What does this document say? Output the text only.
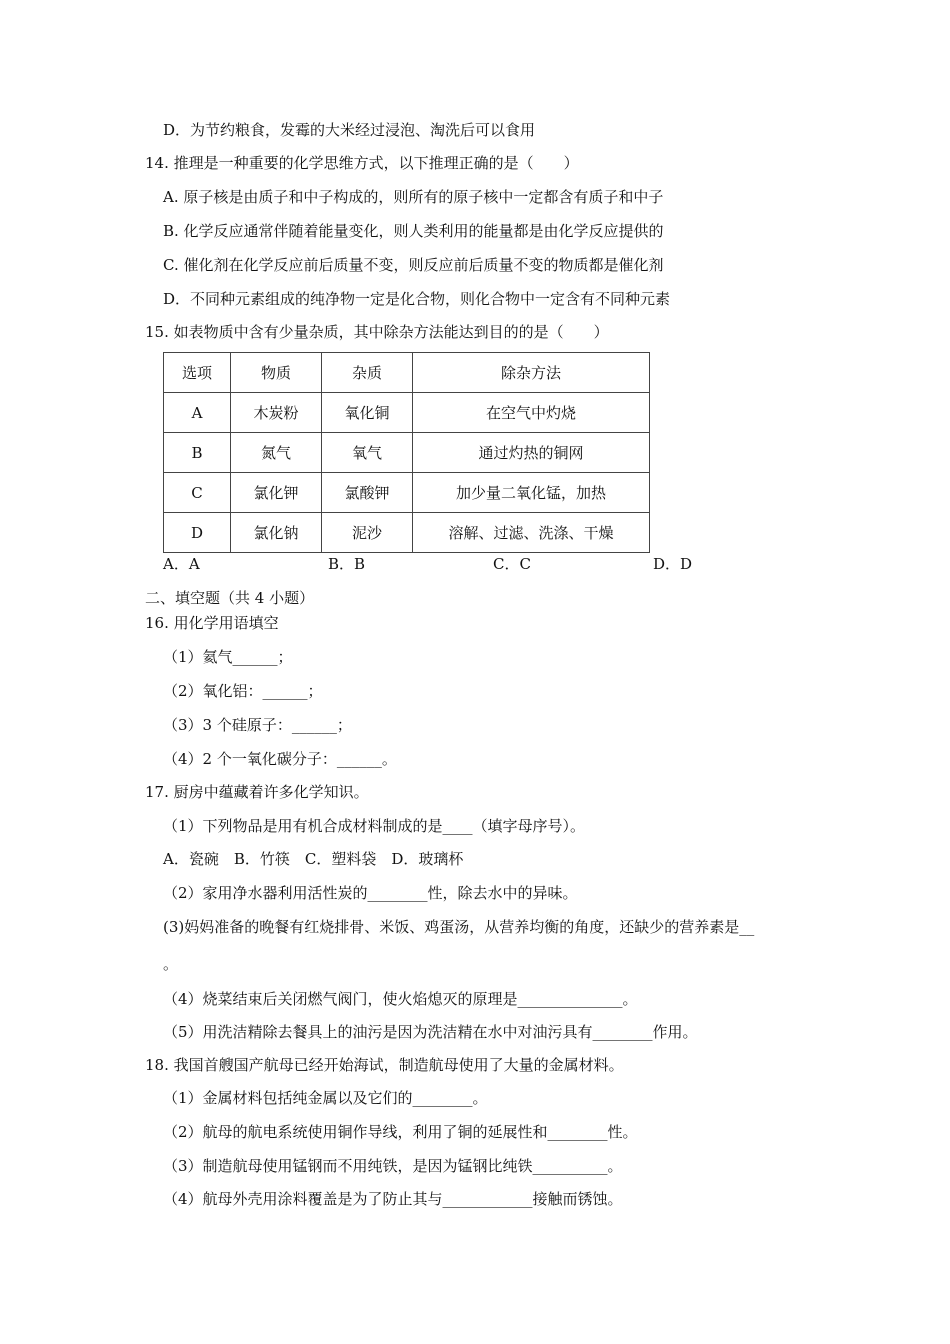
D．为节约粮食，发霉的大米经过浸泡、淘洗后可以食用
14. 推理是一种重要的化学思维方式，以下推理正确的是（　　）
A. 原子核是由质子和中子构成的，则所有的原子核中一定都含有质子和中子
B. 化学反应通常伴随着能量变化，则人类利用的能量都是由化学反应提供的
C. 催化剂在化学反应前后质量不变，则反应前后质量不变的物质都是催化剂
D．不同种元素组成的纯净物一定是化合物，则化合物中一定含有不同种元素
15. 如表物质中含有少量杂质，其中除杂方法能达到目的的是（　　）
选项	物质	杂质	除杂方法
A	木炭粉	氧化铜	在空气中灼烧
B	氮气	氧气	通过灼热的铜网
C	氯化钾	氯酸钾	加少量二氧化锰，加热
D	氯化钠	泥沙	溶解、过滤、洗涤、干燥
A．A	B．B	C．C	D．D
二、填空题（共 4 小题）
16. 用化学用语填空
（1）氦气______；
（2）氧化铝：______；
（3）3 个硅原子：______；
（4）2 个一氧化碳分子：______。
17. 厨房中蕴藏着许多化学知识。
（1）下列物品是用有机合成材料制成的是____（填字母序号）。
A．瓷碗　B．竹筷　C．塑料袋　D．玻璃杯
（2）家用净水器利用活性炭的________性，除去水中的异味。
(3)妈妈准备的晚餐有红烧排骨、米饭、鸡蛋汤，从营养均衡的角度，还缺少的营养素是__
。
（4）烧菜结束后关闭燃气阀门，使火焰熄灭的原理是______________。
（5）用洗洁精除去餐具上的油污是因为洗洁精在水中对油污具有________作用。
18. 我国首艘国产航母已经开始海试，制造航母使用了大量的金属材料。
（1）金属材料包括纯金属以及它们的________。
（2）航母的航电系统使用铜作导线，利用了铜的延展性和________性。
（3）制造航母使用锰钢而不用纯铁，是因为锰钢比纯铁__________。
（4）航母外壳用涂料覆盖是为了防止其与____________接触而锈蚀。
